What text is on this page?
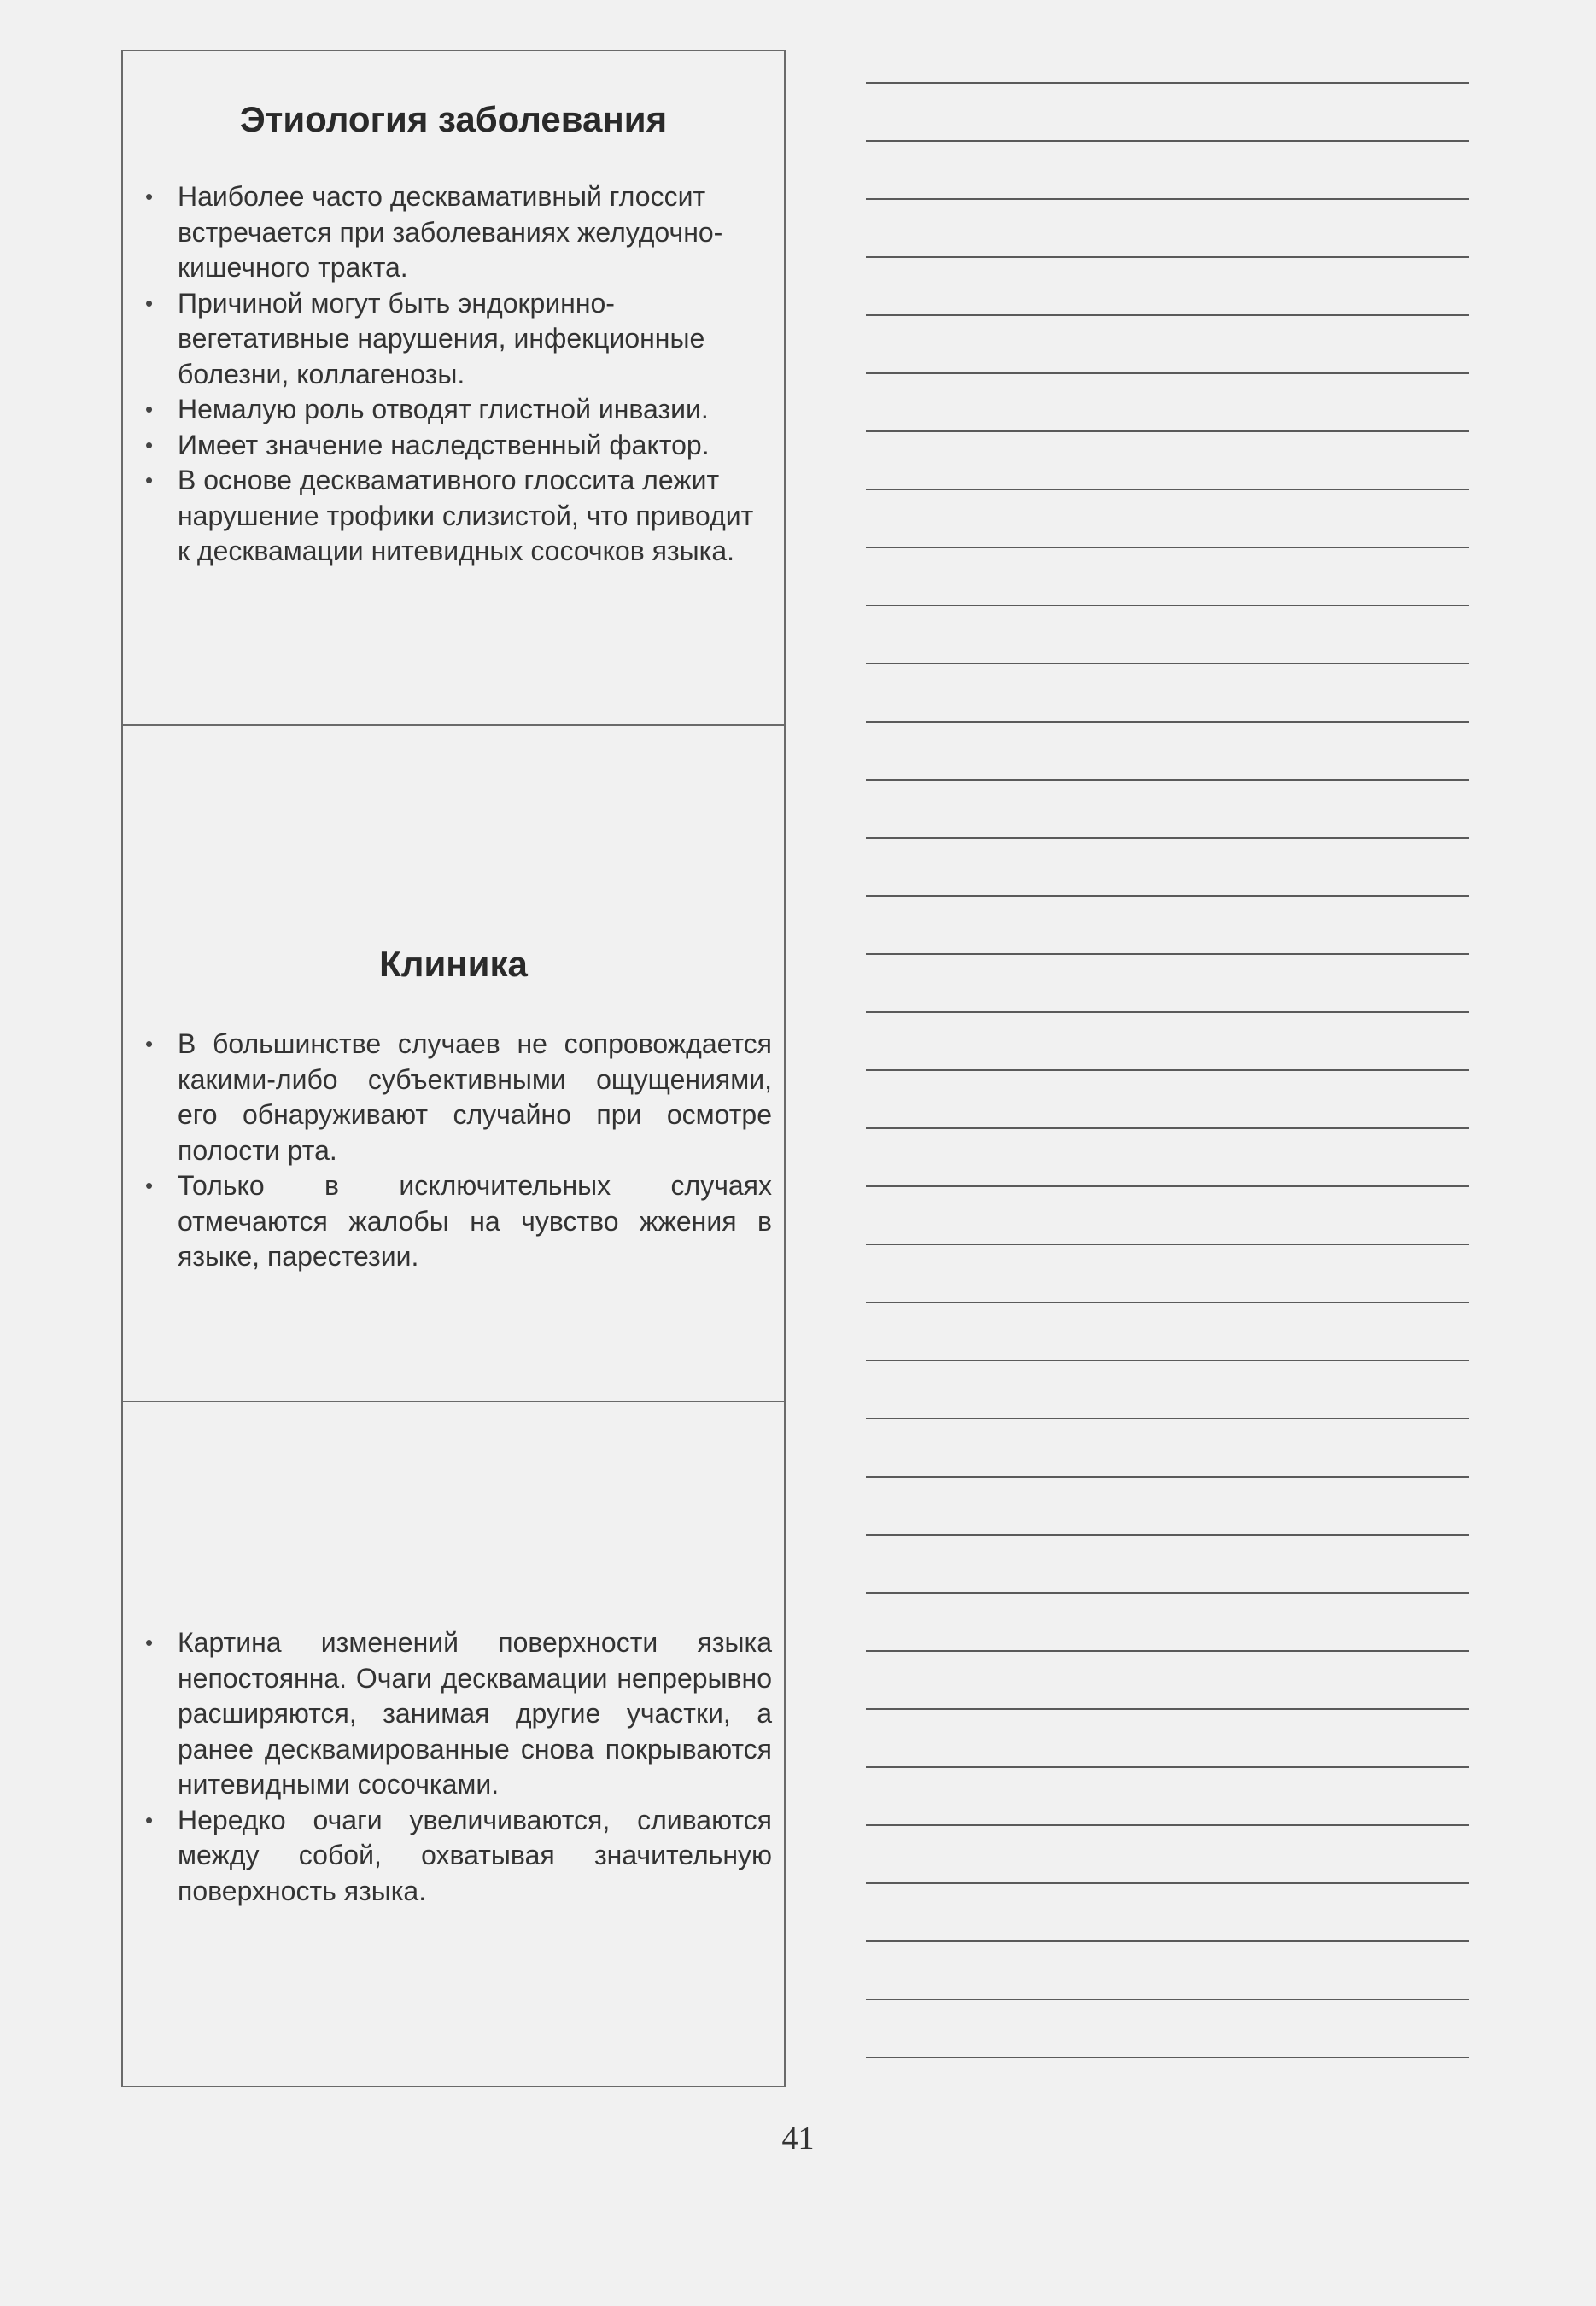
Этиология заболевания
• Наиболее часто десквамативный глоссит встречается при заболеваниях желудочно-кишечного тракта.
• Причиной могут быть эндокринно-вегетативные нарушения, инфекционные болезни, коллагенозы.
• Немалую роль отводят глистной инвазии.
• Имеет значение наследственный фактор.
• В основе десквамативного глоссита лежит нарушение трофики слизистой, что приводит к десквамации нитевидных сосочков языка.
Клиника
• В большинстве случаев не сопровождается какими-либо субъективными ощущениями, его обнаруживают случайно при осмотре полости рта.
• Только в исключительных случаях отмечаются жалобы на чувство жжения в языке, парестезии.
• Картина изменений поверхности языка непостоянна. Очаги десквамации непрерывно расширяются, занимая другие участки, а ранее десквамированные снова покрываются нитевидными сосочками.
• Нередко очаги увеличиваются, сливаются между собой, охватывая значительную поверхность языка.
41
